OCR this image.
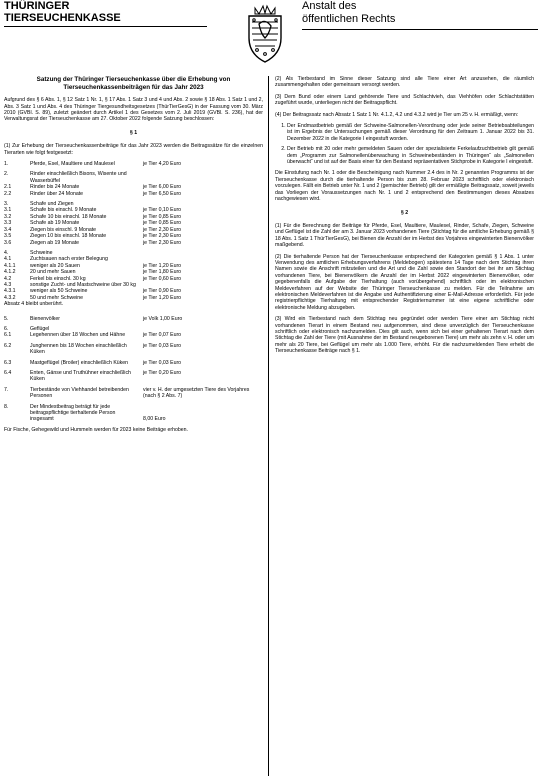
THÜRINGER
TIERSEUCHENKASSE
Anstalt des
öffentlichen Rechts
Satzung der Thüringer Tierseuchenkasse über die Erhebung von Tierseuchenkassenbeiträgen für das Jahr 2023

Aufgrund des § 6 Abs. 1, § 12 Satz 1 Nr. 1, § 17 Abs. 1 Satz 3 und 4 und Abs. 2 sowie § 18 Abs. 1 Satz 1 und 2, Abs. 3 Satz 1 und Abs. 4 des Thüringer Tiergesundheitsgesetzes (ThürTierGesG) in der Fassung vom 30. März 2010 (GVBl. S. 89), zuletzt geändert durch Artikel 1 des Gesetzes vom 2. Juli 2019 (GVBl. S. 236), hat der Verwaltungsrat der Tierseuchenkasse am 27. Oktober 2022 folgende Satzung beschlossen:

§ 1

(1) Zur Erhebung der Tierseuchenkassenbeiträge für das Jahr 2023 werden die Beitragssätze für die einzelnen Tierarten wie folgt festgesetzt:

1.	Pferde, Esel, Maultiere und Maulesel	je Tier 4,20 Euro

2.	Rinder einschließlich Bisons, Wisente und Wasserbüffel	
2.1	Rinder bis 24 Monate	je Tier 6,00 Euro
2.2	Rinder über 24 Monate	je Tier 6,50 Euro

3.	Schafe und Ziegen	
3.1	Schafe bis einschl. 9 Monate	je Tier 0,10 Euro
3.2	Schafe 10 bis einschl. 18 Monate	je Tier 0,85 Euro
3.3	Schafe ab 19 Monate	je Tier 0,85 Euro
3.4	Ziegen bis einschl. 9 Monate	je Tier 2,30 Euro
3.5	Ziegen 10 bis einschl. 18 Monate	je Tier 2,30 Euro
3.6	Ziegen ab 19 Monate	je Tier 2,30 Euro

4.	Schweine	
4.1	Zuchtsauen nach erster Belegung	
4.1.1	weniger als 20 Sauen	je Tier 1,20 Euro
4.1.2	20 und mehr Sauen	je Tier 1,80 Euro
4.2	Ferkel bis einschl. 30 kg	je Tier 0,60 Euro
4.3	sonstige Zucht- und Mastschweine über 30 kg	
4.3.1	weniger als 50 Schweine	je Tier 0,90 Euro
4.3.2	50 und mehr Schweine	je Tier 1,20 Euro
Absatz 4 bleibt unberührt.

5.	Bienenvölker	je Volk 1,00 Euro

6.	Geflügel	
6.1	Legehennen über 18 Wochen und Hähne	je Tier 0,07 Euro

6.2	Junghennen bis 18 Wochen einschließlich Küken	je Tier 0,03 Euro

6.3	Mastgeflügel (Broiler) einschließlich Küken	je Tier 0,03 Euro

6.4	Enten, Gänse und Truthühner einschließlich Küken	je Tier 0,20 Euro

7.	Tierbestände von Viehhandel betreibenden Personen	vier v. H. der umgesetzten Tiere des Vorjahres (nach § 2 Abs. 7)

8.	Der Mindestbeitrag beträgt für jede beitragspflichtige tierhaltende Person insgesamt	

8,00 Euro

Für Fische, Gehegewild und Hummeln werden für 2023 keine Beiträge erhoben.

(2) Als Tierbestand im Sinne dieser Satzung sind alle Tiere einer Art anzusehen, die räumlich zusammengehalten oder gemeinsam versorgt werden.

(3) Dem Bund oder einem Land gehörende Tiere und Schlachtvieh, das Viehhöfen oder Schlachtstätten zugeführt wurde, unterliegen nicht der Beitragspflicht.

(4) Der Beitragssatz nach Absatz 1 Satz 1 Nr. 4.1.2, 4.2 und 4.3.2 wird je Tier um 25 v. H. ermäßigt, wenn:

1. Der Endmastbetrieb gemäß der Schweine-Salmonellen-Verordnung oder jede seiner Betriebsabteilungen ist im Ergebnis der Untersuchungen gemäß dieser Verordnung für den Zeitraum 1. Januar 2022 bis 31. Dezember 2022 in die Kategorie I eingestuft worden.
2. Der Betrieb mit 20 oder mehr gemeldeten Sauen oder der spezialisierte Ferkelaufzuchtbetrieb gilt gemäß dem „Programm zur Salmonellenüberwachung in Schweinebeständen in Thüringen“ als „Salmonellen überwacht“ und ist auf der Basis einer für den Bestand repräsentativen Stichprobe in Kategorie I eingestuft.

Die Einstufung nach Nr. 1 oder die Bescheinigung nach Nummer 2.4 des in Nr. 2 genannten Programms ist der Tierseuchenkasse durch die tierhaltende Person bis zum 28. Februar 2023 schriftlich oder elektronisch vorzulegen. Fällt ein Betrieb unter Nr. 1 und 2 (gemischter Betrieb) gilt der ermäßigte Beitragssatz, soweit jeweils das Vorliegen der Voraussetzungen nach Nr. 1 und 2 entsprechend den Bestimmungen dieses Absatzes nachgewiesen wird.

§ 2

(1) Für die Berechnung der Beiträge für Pferde, Esel, Maultiere, Maulesel, Rinder, Schafe, Ziegen, Schweine und Geflügel ist die Zahl der am 3. Januar 2023 vorhandenen Tiere (Stichtag für die amtliche Erhebung gemäß § 18 Abs. 1 Satz 1 ThürTierGesG), bei Bienen die Anzahl der im Herbst des Vorjahres eingewinterten Bienenvölker maßgebend.

(2) Die tierhaltende Person hat der Tierseuchenkasse entsprechend der Kategorien gemäß § 1 Abs. 1 unter Verwendung des amtlichen Erhebungsverfahrens (Meldebogen) spätestens 14 Tage nach dem Stichtag ihren Namen sowie die Anschrift mitzuteilen und die Art und die Zahl sowie den Standort der bei ihr am Stichtag vorhandenen Tiere, bei Bienenvölkern die Anzahl der im Herbst 2022 eingewinterten Bienenvölker, oder gegebenenfalls die Aufgabe der Tierhaltung (auch vorübergehend) schriftlich oder im elektronischen Meldeverfahren auf der Website der Thüringer Tierseuchenkasse zu melden. Für die Teilnahme am elektronischen Meldeverfahren ist die Angabe und Authentifizierung einer E-Mail-Adresse erforderlich. Für jede registrierpflichtige Tierhaltung mit entsprechender Registriernummer ist eine eigene schriftliche oder elektronische Meldung abzugeben.

(3) Wird ein Tierbestand nach dem Stichtag neu gegründet oder werden Tiere einer am Stichtag nicht vorhandenen Tierart in einem Bestand neu aufgenommen, sind diese unverzüglich der Tierseuchenkasse schriftlich oder elektronisch nachzumelden. Dies gilt auch, wenn sich bei einer gehaltenen Tierart nach dem Stichtag die Zahl der Tiere (mit Ausnahme der im Bestand neugeborenen Tiere) um mehr als zehn v. H. oder um mehr als 20 Tiere, bei Geflügel um mehr als 1.000 Tiere, erhöht. Für die nachzumeldenden Tiere erhebt die Tierseuchenkasse Beiträge nach § 1.
